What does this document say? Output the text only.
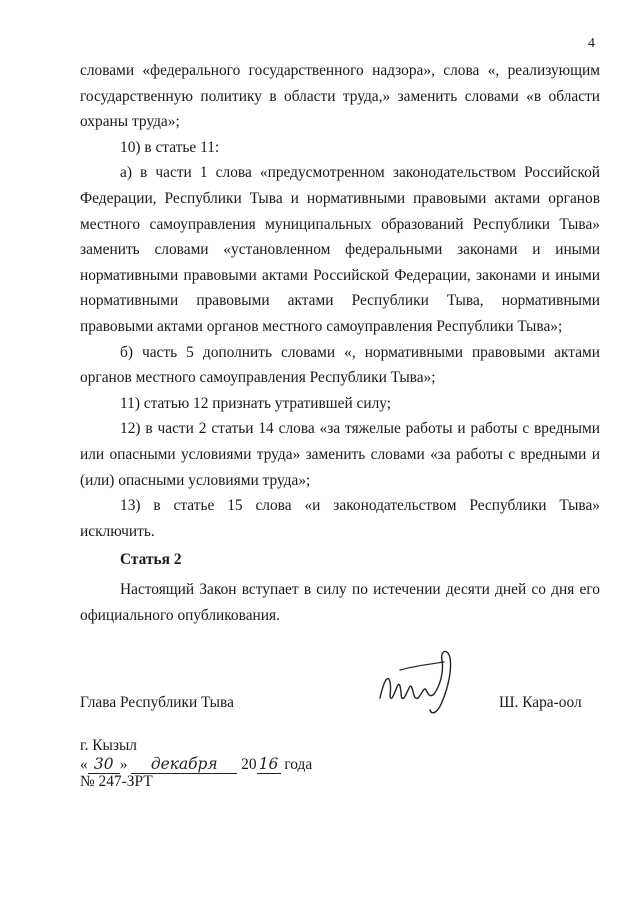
4

словами «федерального государственного надзора», слова «, реализующим государственную политику в области труда,» заменить словами «в области охраны труда»;

10) в статье 11:

а) в части 1 слова «предусмотренном законодательством Российской Федерации, Республики Тыва и нормативными правовыми актами органов местного самоуправления муниципальных образований Республики Тыва» заменить словами «установленном федеральными законами и иными нормативными правовыми актами Российской Федерации, законами и иными нормативными правовыми актами Республики Тыва, нормативными правовыми актами органов местного самоуправления Республики Тыва»;

б) часть 5 дополнить словами «, нормативными правовыми актами органов местного самоуправления Республики Тыва»;

11) статью 12 признать утратившей силу;

12) в части 2 статьи 14 слова «за тяжелые работы и работы с вредными или опасными условиями труда» заменить словами «за работы с вредными и (или) опасными условиями труда»;

13) в статье 15 слова «и законодательством Республики Тыва» исключить.

Статья 2

Настоящий Закон вступает в силу по истечении десяти дней со дня его официального опубликования.

Глава Республики Тыва	Ш. Кара-оол
г. Кызыл
« 30 » декабря 20 16 года
№ 247-ЗРТ
